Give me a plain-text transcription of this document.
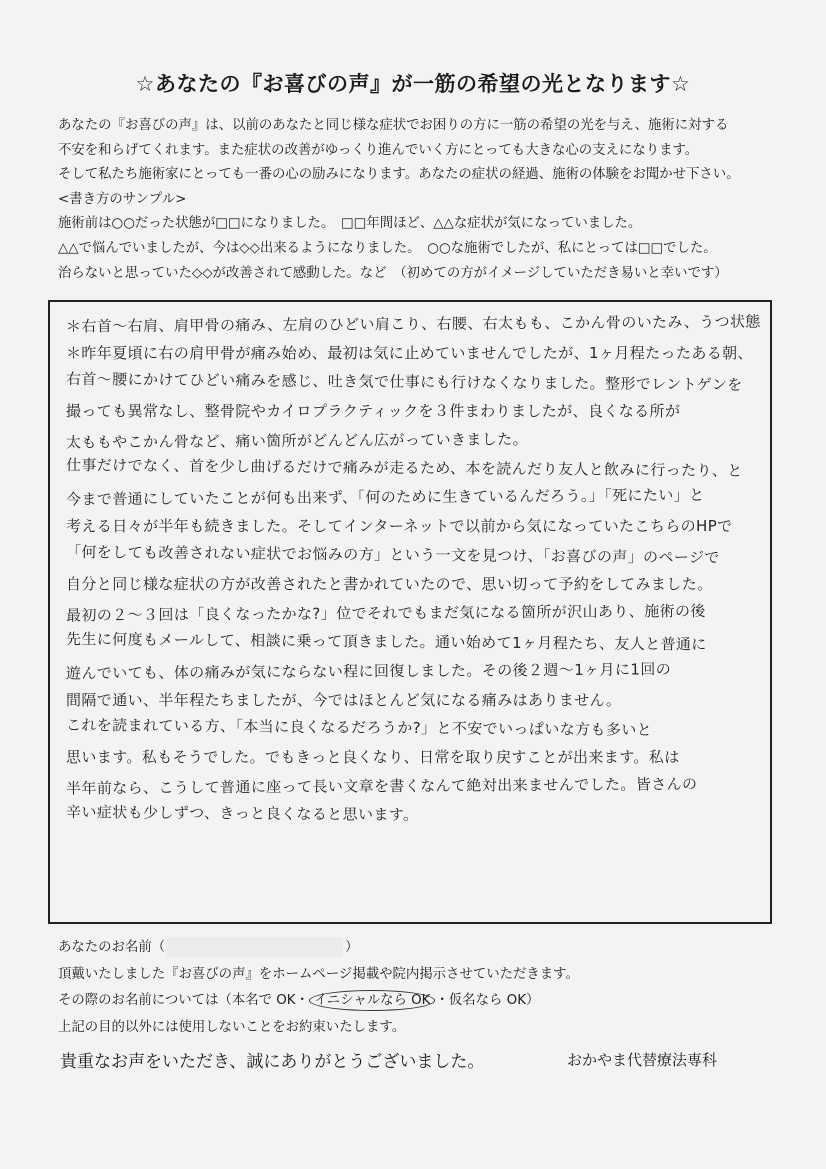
☆あなたの『お喜びの声』が一筋の希望の光となります☆
あなたの『お喜びの声』は、以前のあなたと同じ様な症状でお困りの方に一筋の希望の光を与え、施術に対する
不安を和らげてくれます。また症状の改善がゆっくり進んでいく方にとっても大きな心の支えになります。
そして私たち施術家にとっても一番の心の励みになります。あなたの症状の経過、施術の体験をお聞かせ下さい。
<書き方のサンプル>
施術前は○○だった状態が□□になりました。　□□年間ほど、△△な症状が気になっていました。
△△で悩んでいましたが、今は◇◇出来るようになりました。　○○な施術でしたが、私にとっては□□でした。
治らないと思っていた◇◇が改善されて感動した。など　（初めての方がイメージしていただき易いと幸いです）
＊右首～右肩、肩甲骨の痛み、左肩のひどい肩こり、右腰、右太もも、こかん骨のいたみ、うつ状態
＊昨年夏頃に右の肩甲骨が痛み始め、最初は気に止めていませんでしたが、1ヶ月程たったある朝、
右首～腰にかけてひどい痛みを感じ、吐き気で仕事にも行けなくなりました。整形でレントゲンを
撮っても異常なし、整骨院やカイロプラクティックを３件まわりましたが、良くなる所が
太ももやこかん骨など、痛い箇所がどんどん広がっていきました。
仕事だけでなく、首を少し曲げるだけで痛みが走るため、本を読んだり友人と飲みに行ったり、と
今まで普通にしていたことが何も出来ず、「何のために生きているんだろう。」「死にたい」と
考える日々が半年も続きました。そしてインターネットで以前から気になっていたこちらのHPで
「何をしても改善されない症状でお悩みの方」という一文を見つけ、「お喜びの声」のページで
自分と同じ様な症状の方が改善されたと書かれていたので、思い切って予約をしてみました。
最初の２～３回は「良くなったかな?」位でそれでもまだ気になる箇所が沢山あり、施術の後
先生に何度もメールして、相談に乗って頂きました。通い始めて1ヶ月程たち、友人と普通に
遊んでいても、体の痛みが気にならない程に回復しました。その後２週～1ヶ月に1回の
間隔で通い、半年程たちましたが、今ではほとんど気になる痛みはありません。
これを読まれている方、「本当に良くなるだろうか?」と不安でいっぱいな方も多いと
思います。私もそうでした。でもきっと良くなり、日常を取り戻すことが出来ます。私は
半年前なら、こうして普通に座って長い文章を書くなんて絶対出来ませんでした。皆さんの
辛い症状も少しずつ、きっと良くなると思います。
あなたのお名前（	）
頂戴いたしました『お喜びの声』をホームページ掲載や院内掲示させていただきます。
その際のお名前については（本名で OK・ イニシャルなら OK ・仮名なら OK）
上記の目的以外には使用しないことをお約束いたします。
貴重なお声をいただき、誠にありがとうございました。	おかやま代替療法専科
